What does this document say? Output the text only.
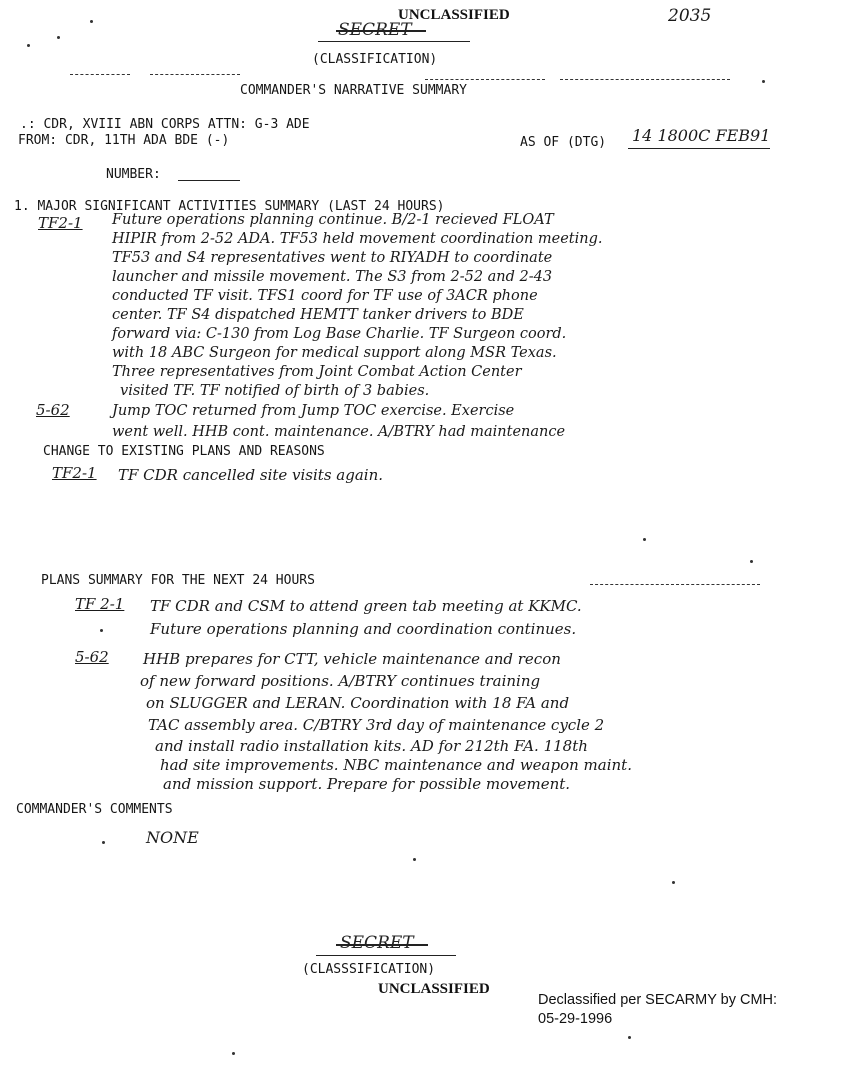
UNCLASSIFIED	2035
SECRET
(CLASSIFICATION)
COMMANDER'S NARRATIVE SUMMARY
.: CDR, XVIII ABN CORPS ATTN: G-3 ADE
FROM: CDR, 11TH ADA BDE (-)	AS OF (DTG) 14 1800C FEB91
NUMBER:
1. MAJOR SIGNIFICANT ACTIVITIES SUMMARY (LAST 24 HOURS)
TF2-1 Future operations planning continue. B/2-1 recieved FLOAT
HIPIR from 2-52 ADA. TF53 held movement coordination meeting.
TF53 and S4 representatives went to RIYADH to coordinate
launcher and missile movement. The S3 from 2-52 and 2-43
conducted TF visit. TFS1 coord for TF use of 3ACR phone
center. TF S4 dispatched HEMTT tanker drivers to BDE
forward via: C-130 from Log Base Charlie. TF Surgeon coord.
with 18 ABC Surgeon for medical support along MSR Texas.
Three representatives from Joint Combat Action Center
visited TF. TF notified of birth of 3 babies.
5-62	Jump TOC returned from Jump TOC exercise. Exercise
went well. HHB cont. maintenance. A/BTRY had maintenance
CHANGE TO EXISTING PLANS AND REASONS
TF2-1 TF CDR cancelled site visits again.
PLANS SUMMARY FOR THE NEXT 24 HOURS
TF 2-1 TF CDR and CSM to attend green tab meeting at KKMC.
Future operations planning and coordination continues.
5-62 HHB prepares for CTT, vehicle maintenance and recon
of new forward positions. A/BTRY continues training
on SLUGGER and LERAN. Coordination with 18 FA and
TAC assembly area. C/BTRY 3rd day of maintenance cycle 2
and install radio installation kits. AD for 212th FA. 118th
had site improvements. NBC maintenance and weapon maint.
and mission support. Prepare for possible movement.
COMMANDER'S COMMENTS
NONE
SECRET
(CLASSSIFICATION)
UNCLASSIFIED
Declassified per SECARMY by CMH:
05-29-1996
